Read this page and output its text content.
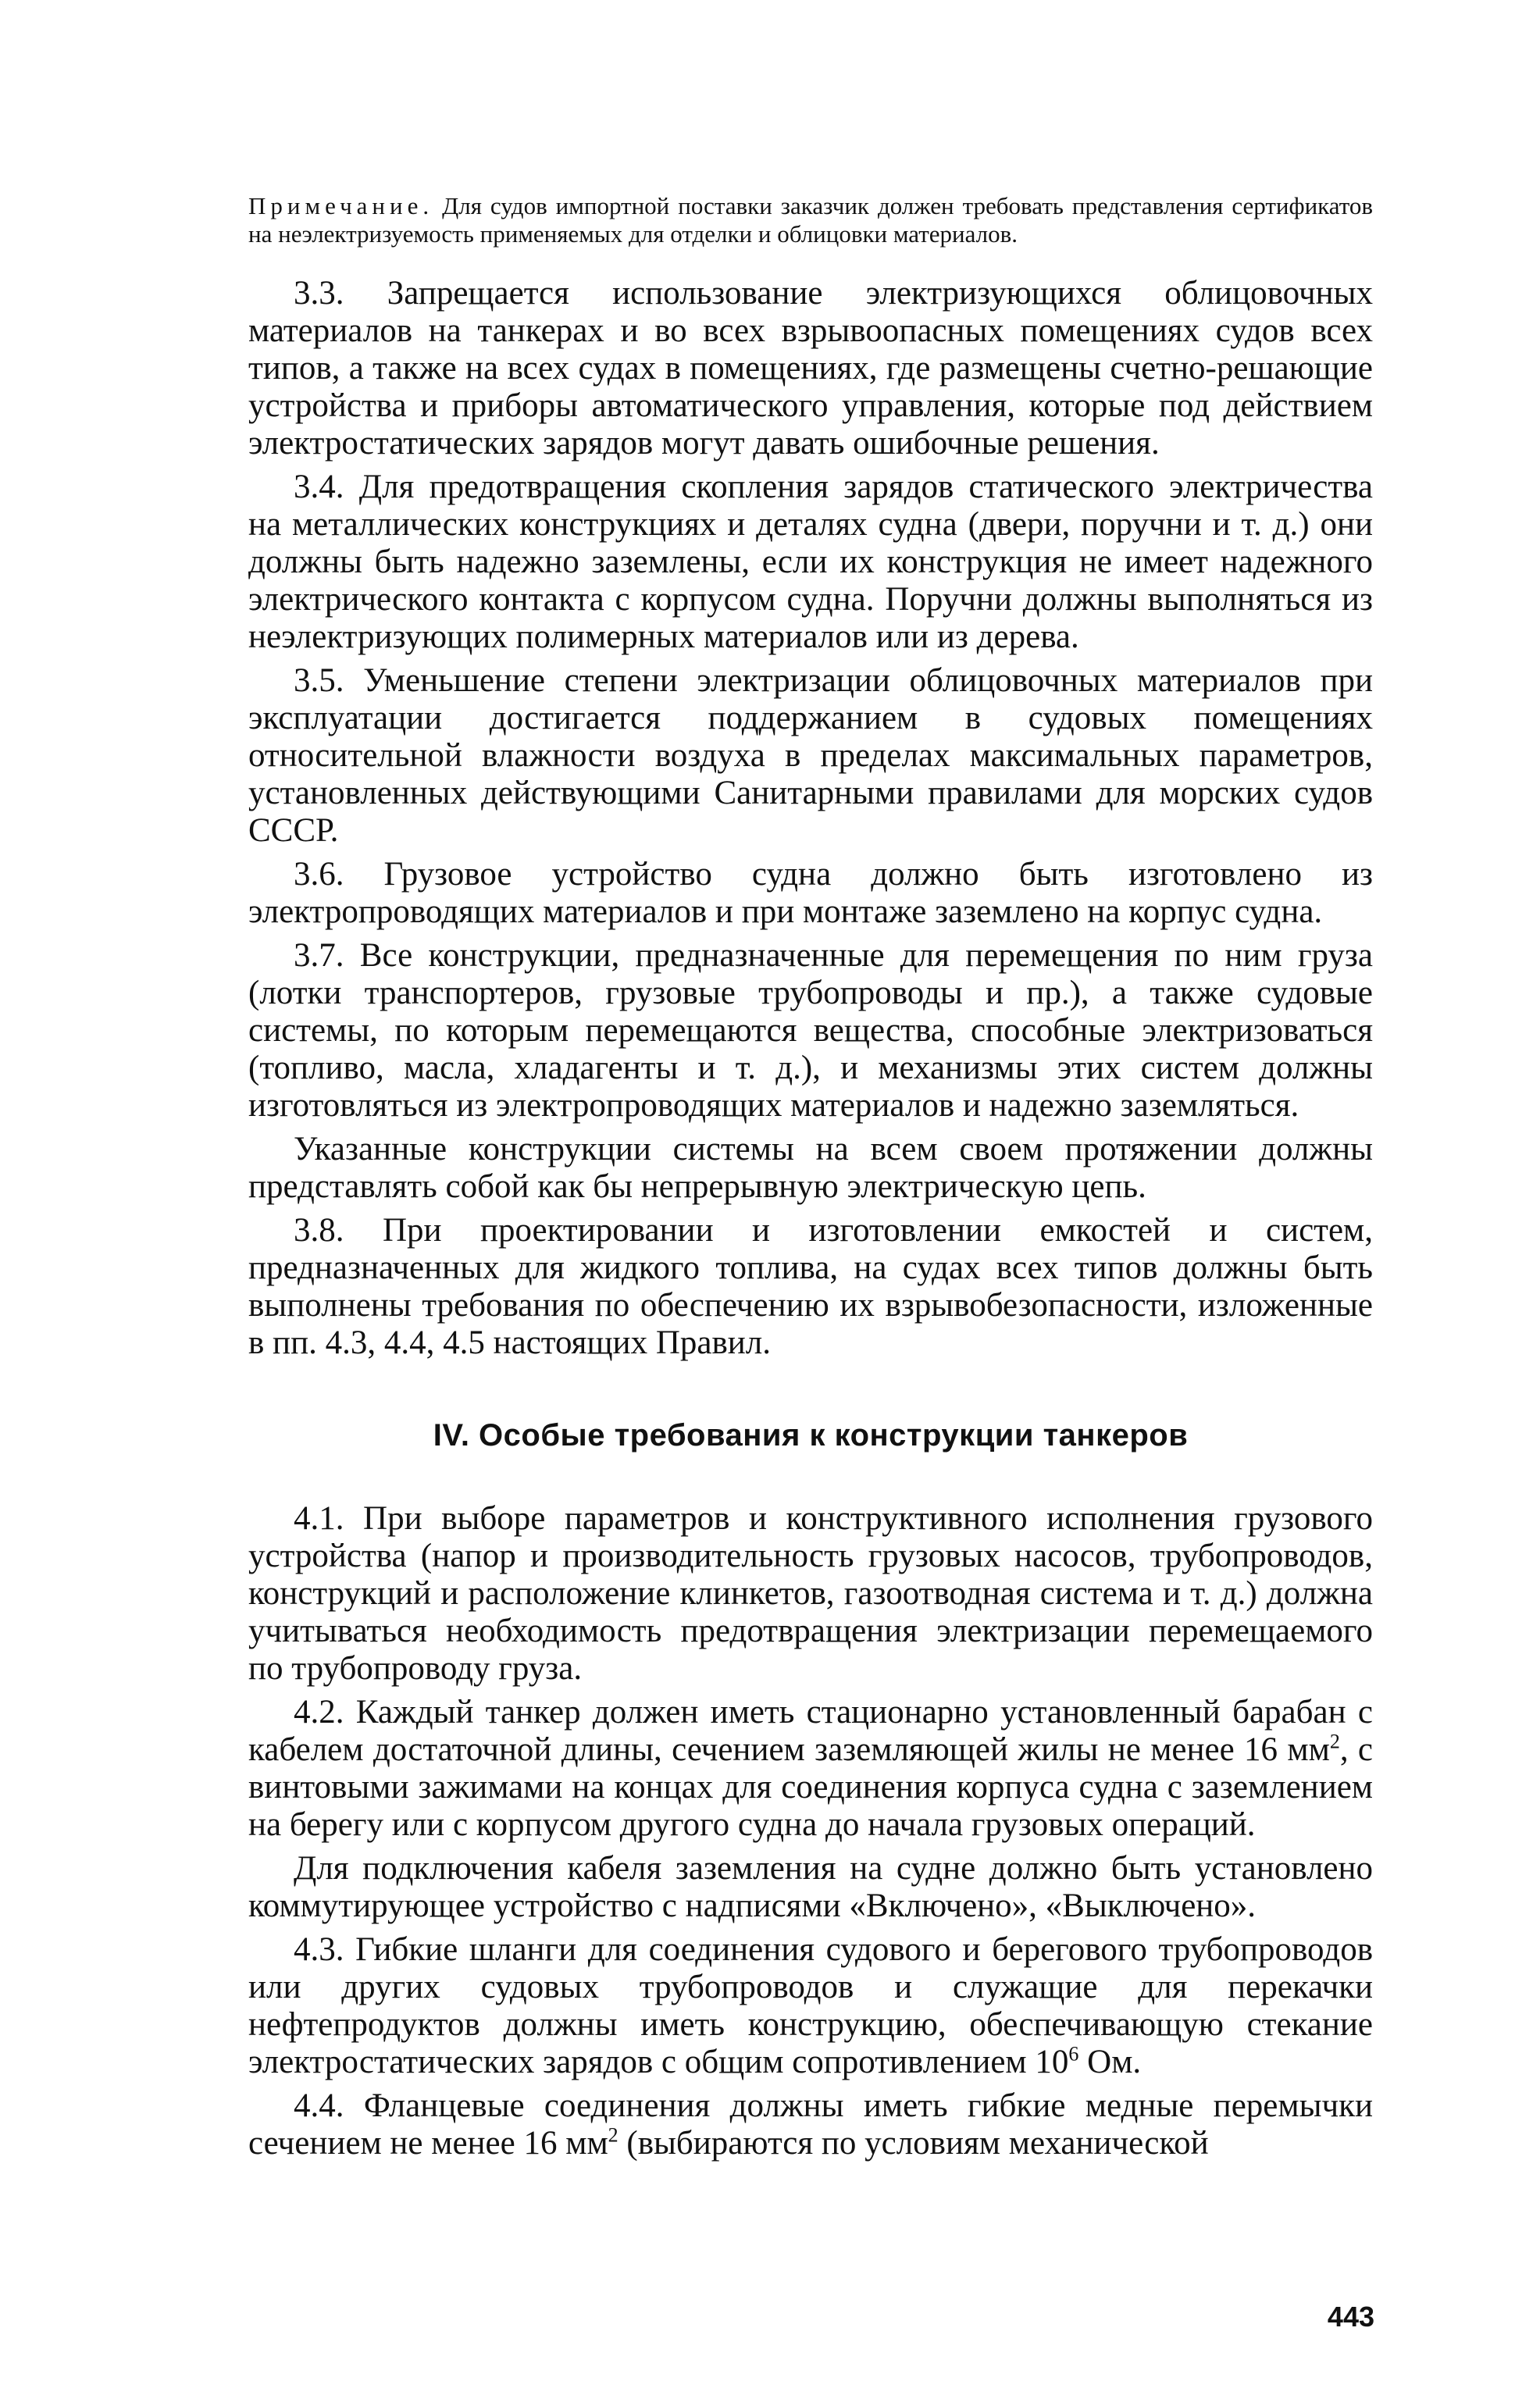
Примечание. Для судов импортной поставки заказчик должен требовать представления сертификатов на неэлектризуемость применяемых для отделки и облицовки материалов.

3.3. Запрещается использование электризующихся облицовочных материалов на танкерах и во всех взрывоопасных помещениях судов всех типов, а также на всех судах в помещениях, где размещены счетно-решающие устройства и приборы автоматического управления, которые под действием электростатических зарядов могут давать ошибочные решения.

3.4. Для предотвращения скопления зарядов статического электричества на металлических конструкциях и деталях судна (двери, поручни и т. д.) они должны быть надежно заземлены, если их конструкция не имеет надежного электрического контакта с корпусом судна. Поручни должны выполняться из неэлектризующих полимерных материалов или из дерева.

3.5. Уменьшение степени электризации облицовочных материалов при эксплуатации достигается поддержанием в судовых помещениях относительной влажности воздуха в пределах максимальных параметров, установленных действующими Санитарными правилами для морских судов СССР.

3.6. Грузовое устройство судна должно быть изготовлено из электропроводящих материалов и при монтаже заземлено на корпус судна.

3.7. Все конструкции, предназначенные для перемещения по ним груза (лотки транспортеров, грузовые трубопроводы и пр.), а также судовые системы, по которым перемещаются вещества, способные электризоваться (топливо, масла, хладагенты и т. д.), и механизмы этих систем должны изготовляться из электропроводящих материалов и надежно заземляться.

Указанные конструкции системы на всем своем протяжении должны представлять собой как бы непрерывную электрическую цепь.

3.8. При проектировании и изготовлении емкостей и систем, предназначенных для жидкого топлива, на судах всех типов должны быть выполнены требования по обеспечению их взрывобезопасности, изложенные в пп. 4.3, 4.4, 4.5 настоящих Правил.

IV. Особые требования к конструкции танкеров

4.1. При выборе параметров и конструктивного исполнения грузового устройства (напор и производительность грузовых насосов, трубопроводов, конструкций и расположение клинкетов, газоотводная система и т. д.) должна учитываться необходимость предотвращения электризации перемещаемого по трубопроводу груза.

4.2. Каждый танкер должен иметь стационарно установленный барабан с кабелем достаточной длины, сечением заземляющей жилы не менее 16 $мм^2$, с винтовыми зажимами на концах для соединения корпуса судна с заземлением на берегу или с корпусом другого судна до начала грузовых операций.

Для подключения кабеля заземления на судне должно быть установлено коммутирующее устройство с надписями «Включено», «Выключено».

4.3. Гибкие шланги для соединения судового и берегового трубопроводов или других судовых трубопроводов и служащие для перекачки нефтепродуктов должны иметь конструкцию, обеспечивающую стекание электростатических зарядов с общим сопротивлением $10^6$ Ом.

4.4. Фланцевые соединения должны иметь гибкие медные перемычки сечением не менее 16 $мм^2$ (выбираются по условиям механической

443
